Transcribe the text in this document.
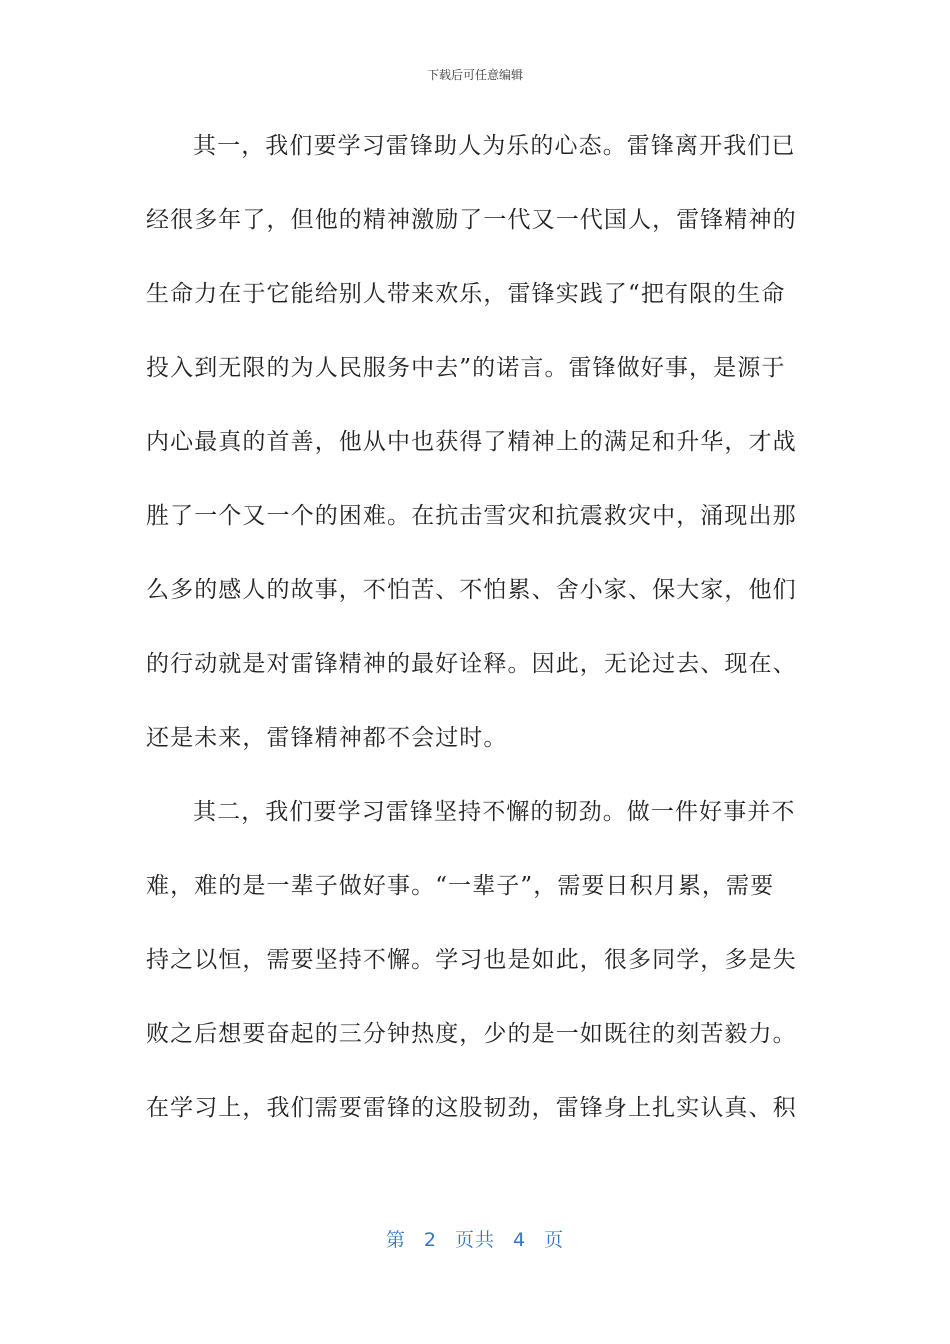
下载后可任意编辑
其一，我们要学习雷锋助人为乐的心态。雷锋离开我们已
经很多年了，但他的精神激励了一代又一代国人，雷锋精神的
生命力在于它能给别人带来欢乐，雷锋实践了“把有限的生命
投入到无限的为人民服务中去”的诺言。雷锋做好事，是源于
内心最真的首善，他从中也获得了精神上的满足和升华，才战
胜了一个又一个的困难。在抗击雪灾和抗震救灾中，涌现出那
么多的感人的故事，不怕苦、不怕累、舍小家、保大家，他们
的行动就是对雷锋精神的最好诠释。因此，无论过去、现在、
还是未来，雷锋精神都不会过时。
其二，我们要学习雷锋坚持不懈的韧劲。做一件好事并不
难，难的是一辈子做好事。“一辈子”，需要日积月累，需要
持之以恒，需要坚持不懈。学习也是如此，很多同学，多是失
败之后想要奋起的三分钟热度，少的是一如既往的刻苦毅力。
在学习上，我们需要雷锋的这股韧劲，雷锋身上扎实认真、积
第 2 页共 4 页
